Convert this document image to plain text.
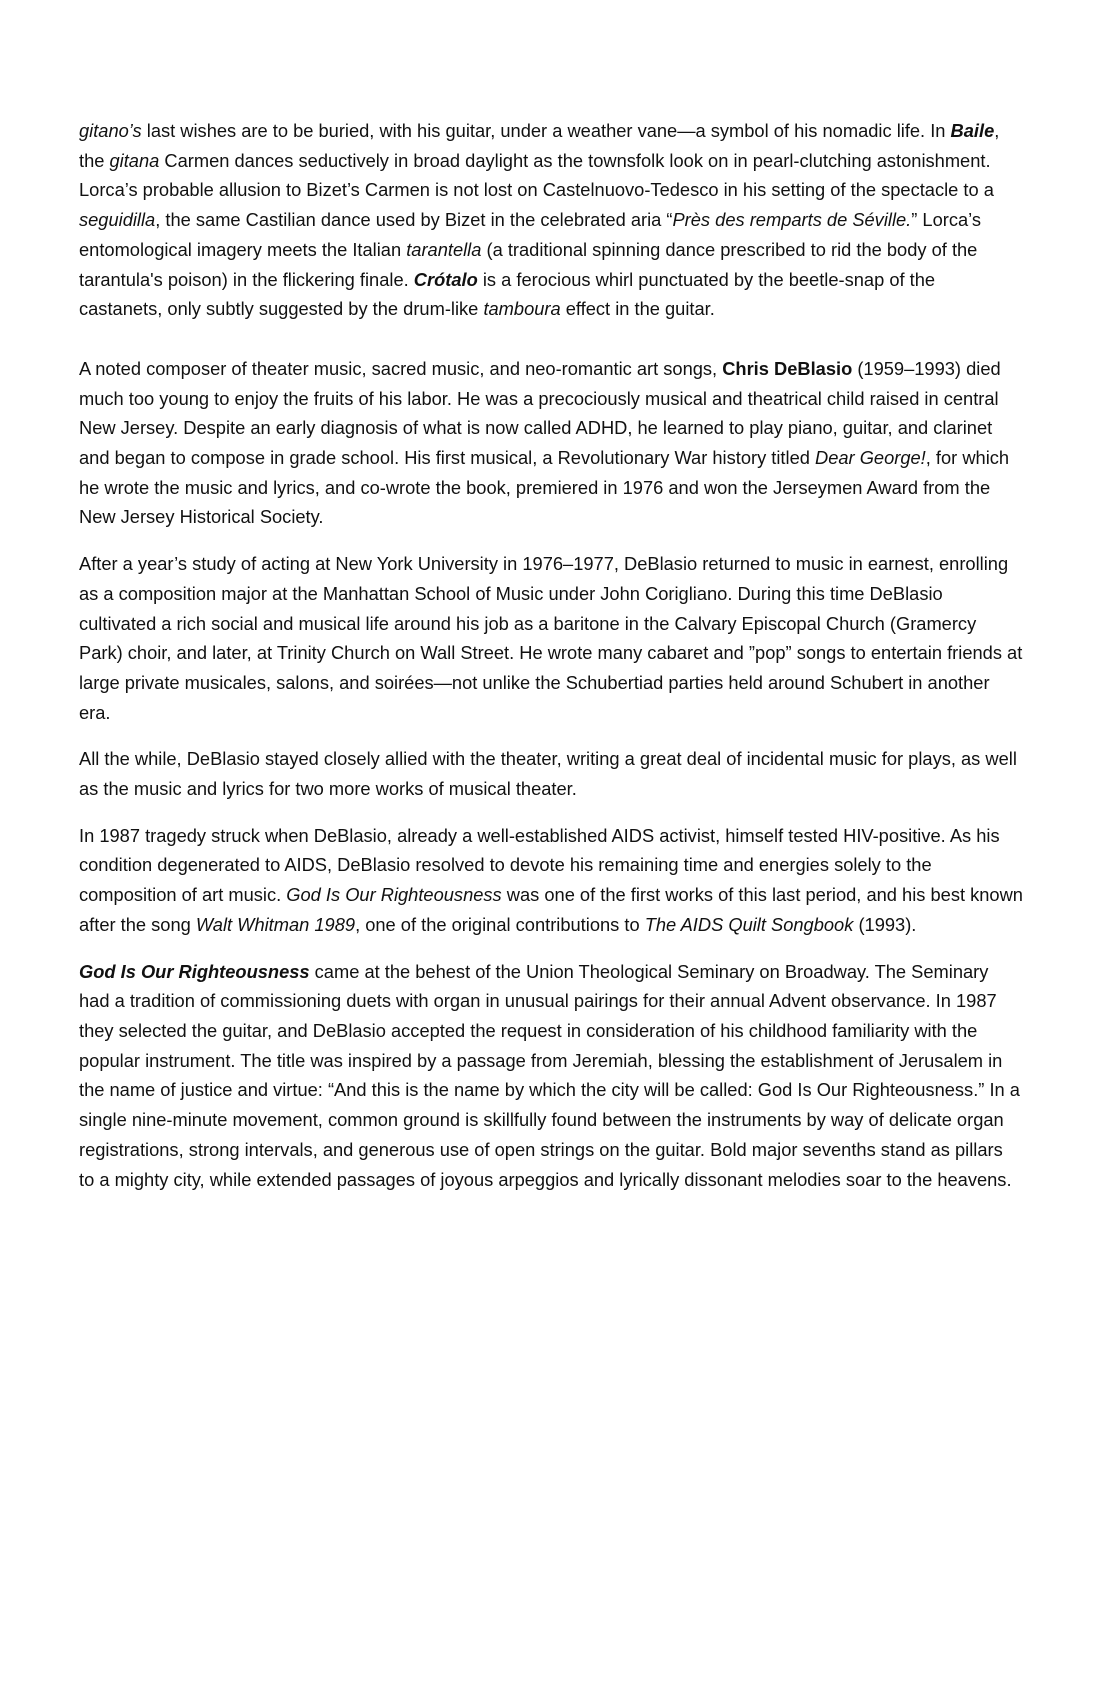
gitano’s last wishes are to be buried, with his guitar, under a weather vane—a symbol of his nomadic life. In Baile, the gitana Carmen dances seductively in broad daylight as the townsfolk look on in pearl-clutching astonishment. Lorca’s probable allusion to Bizet’s Carmen is not lost on Castelnuovo-Tedesco in his setting of the spectacle to a seguidilla, the same Castilian dance used by Bizet in the celebrated aria “Près des remparts de Séville.” Lorca’s entomological imagery meets the Italian tarantella (a traditional spinning dance prescribed to rid the body of the tarantula's poison) in the flickering finale. Crótalo is a ferocious whirl punctuated by the beetle-snap of the castanets, only subtly suggested by the drum-like tamboura effect in the guitar.

A noted composer of theater music, sacred music, and neo-romantic art songs, Chris DeBlasio (1959–1993) died much too young to enjoy the fruits of his labor. He was a precociously musical and theatrical child raised in central New Jersey. Despite an early diagnosis of what is now called ADHD, he learned to play piano, guitar, and clarinet and began to compose in grade school. His first musical, a Revolutionary War history titled Dear George!, for which he wrote the music and lyrics, and co-wrote the book, premiered in 1976 and won the Jerseymen Award from the New Jersey Historical Society.

After a year’s study of acting at New York University in 1976–1977, DeBlasio returned to music in earnest, enrolling as a composition major at the Manhattan School of Music under John Corigliano. During this time DeBlasio cultivated a rich social and musical life around his job as a baritone in the Calvary Episcopal Church (Gramercy Park) choir, and later, at Trinity Church on Wall Street. He wrote many cabaret and ”pop” songs to entertain friends at large private musicales, salons, and soirées—not unlike the Schubertiad parties held around Schubert in another era.

All the while, DeBlasio stayed closely allied with the theater, writing a great deal of incidental music for plays, as well as the music and lyrics for two more works of musical theater.

In 1987 tragedy struck when DeBlasio, already a well-established AIDS activist, himself tested HIV-positive. As his condition degenerated to AIDS, DeBlasio resolved to devote his remaining time and energies solely to the composition of art music. God Is Our Righteousness was one of the first works of this last period, and his best known after the song Walt Whitman 1989, one of the original contributions to The AIDS Quilt Songbook (1993).

God Is Our Righteousness came at the behest of the Union Theological Seminary on Broadway. The Seminary had a tradition of commissioning duets with organ in unusual pairings for their annual Advent observance. In 1987 they selected the guitar, and DeBlasio accepted the request in consideration of his childhood familiarity with the popular instrument. The title was inspired by a passage from Jeremiah, blessing the establishment of Jerusalem in the name of justice and virtue: “And this is the name by which the city will be called: God Is Our Righteousness.” In a single nine-minute movement, common ground is skillfully found between the instruments by way of delicate organ registrations, strong intervals, and generous use of open strings on the guitar. Bold major sevenths stand as pillars to a mighty city, while extended passages of joyous arpeggios and lyrically dissonant melodies soar to the heavens.
